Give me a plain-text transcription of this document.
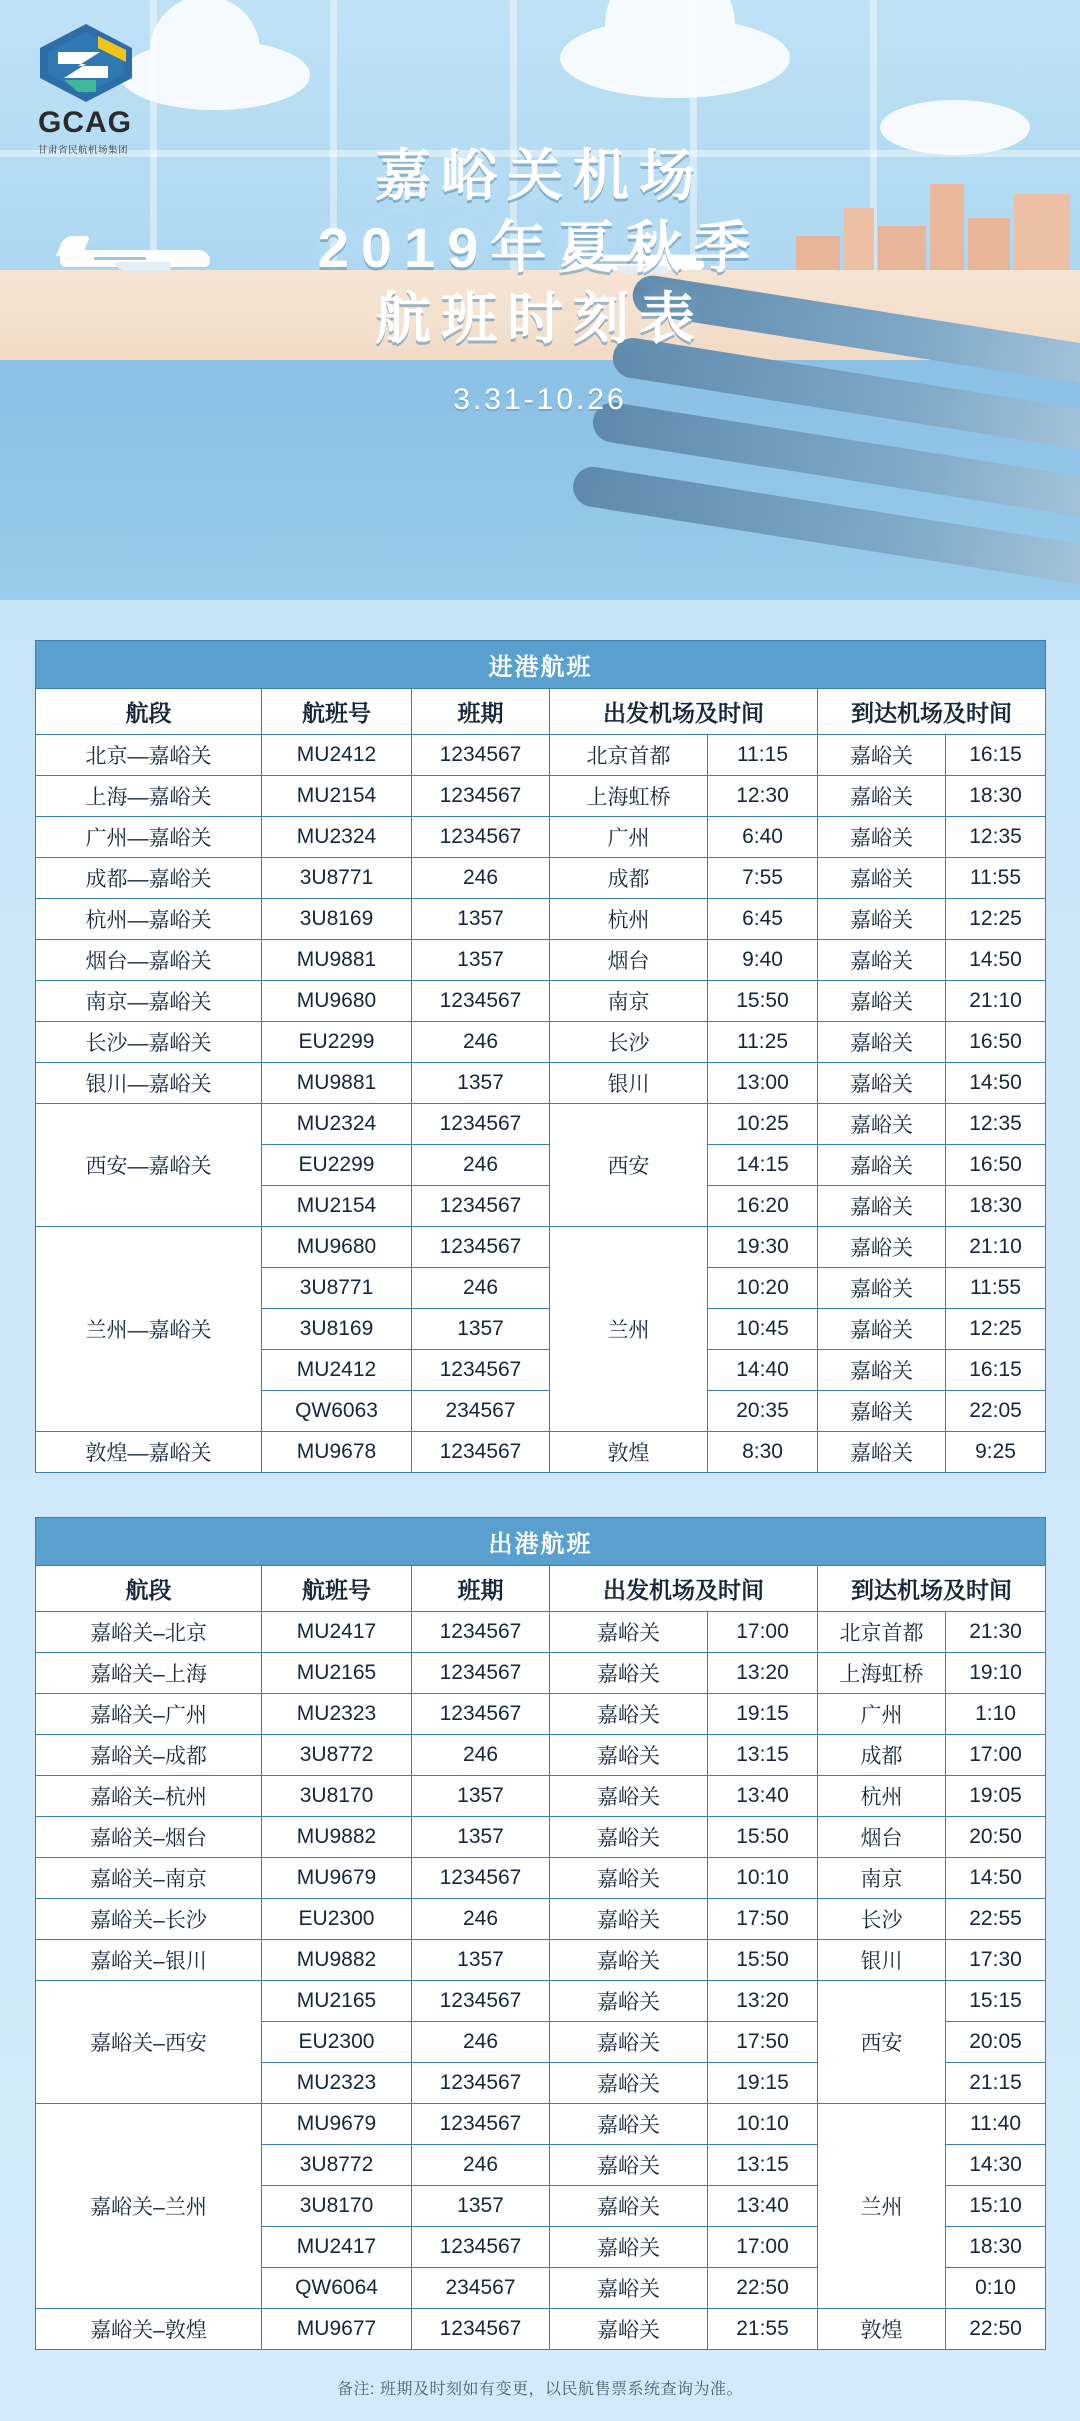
GCAG
甘肃省民航机场集团	嘉峪关机场
2019年夏秋季
航班时刻表
3.31-10.26
进港航班						
航段	航班号	班期	出发机场及时间		到达机场及时间	
北京—嘉峪关	MU2412	1234567	北京首都	11:15	嘉峪关	16:15
上海—嘉峪关	MU2154	1234567	上海虹桥	12:30	嘉峪关	18:30
广州—嘉峪关	MU2324	1234567	广州	6:40	嘉峪关	12:35
成都—嘉峪关	3U8771	246	成都	7:55	嘉峪关	11:55
杭州—嘉峪关	3U8169	1357	杭州	6:45	嘉峪关	12:25
烟台—嘉峪关	MU9881	1357	烟台	9:40	嘉峪关	14:50
南京—嘉峪关	MU9680	1234567	南京	15:50	嘉峪关	21:10
长沙—嘉峪关	EU2299	246	长沙	11:25	嘉峪关	16:50
银川—嘉峪关	MU9881	1357	银川	13:00	嘉峪关	14:50
西安—嘉峪关	MU2324	1234567	西安	10:25	嘉峪关	12:35
	EU2299	246		14:15	嘉峪关	16:50
	MU2154	1234567		16:20	嘉峪关	18:30
兰州—嘉峪关	MU9680	1234567	兰州	19:30	嘉峪关	21:10
	3U8771	246		10:20	嘉峪关	11:55
	3U8169	1357		10:45	嘉峪关	12:25
	MU2412	1234567		14:40	嘉峪关	16:15
	QW6063	234567		20:35	嘉峪关	22:05
敦煌—嘉峪关	MU9678	1234567	敦煌	8:30	嘉峪关	9:25
出港航班						
航段	航班号	班期	出发机场及时间		到达机场及时间	
嘉峪关–北京	MU2417	1234567	嘉峪关	17:00	北京首都	21:30
嘉峪关–上海	MU2165	1234567	嘉峪关	13:20	上海虹桥	19:10
嘉峪关–广州	MU2323	1234567	嘉峪关	19:15	广州	1:10
嘉峪关–成都	3U8772	246	嘉峪关	13:15	成都	17:00
嘉峪关–杭州	3U8170	1357	嘉峪关	13:40	杭州	19:05
嘉峪关–烟台	MU9882	1357	嘉峪关	15:50	烟台	20:50
嘉峪关–南京	MU9679	1234567	嘉峪关	10:10	南京	14:50
嘉峪关–长沙	EU2300	246	嘉峪关	17:50	长沙	22:55
嘉峪关–银川	MU9882	1357	嘉峪关	15:50	银川	17:30
嘉峪关–西安	MU2165	1234567	嘉峪关	13:20	西安	15:15
	EU2300	246	嘉峪关	17:50		20:05
	MU2323	1234567	嘉峪关	19:15		21:15
嘉峪关–兰州	MU9679	1234567	嘉峪关	10:10	兰州	11:40
	3U8772	246	嘉峪关	13:15		14:30
	3U8170	1357	嘉峪关	13:40		15:10
	MU2417	1234567	嘉峪关	17:00		18:30
	QW6064	234567	嘉峪关	22:50		0:10
嘉峪关–敦煌	MU9677	1234567	嘉峪关	21:55	敦煌	22:50
备注: 班期及时刻如有变更，以民航售票系统查询为准。
